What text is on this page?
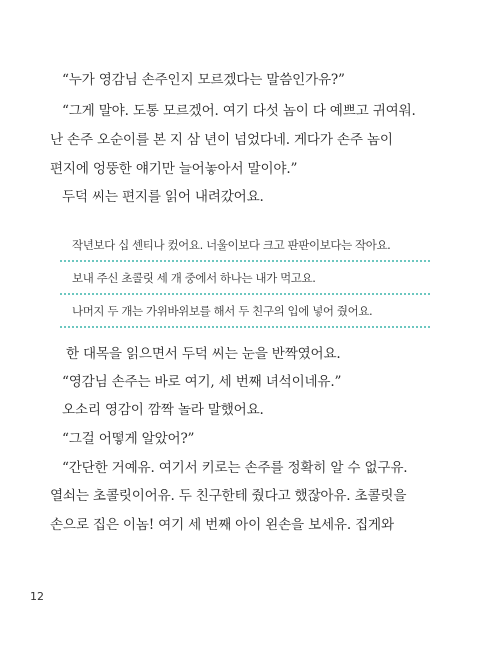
“누가 영감님 손주인지 모르겠다는 말씀인가유?”
“그게 말야. 도통 모르겠어. 여기 다섯 놈이 다 예쁘고 귀여워.
난 손주 오순이를 본 지 삼 년이 넘었다네. 게다가 손주 놈이
편지에 엉뚱한 얘기만 늘어놓아서 말이야.”
두덕 씨는 편지를 읽어 내려갔어요.
작년보다 십 센티나 컸어요. 너울이보다 크고 판판이보다는 작아요.
보내 주신 초콜릿 세 개 중에서 하나는 내가 먹고요.
나머지 두 개는 가위바위보를 해서 두 친구의 입에 넣어 줬어요.
한 대목을 읽으면서 두덕 씨는 눈을 반짝였어요.
“영감님 손주는 바로 여기, 세 번째 녀석이네유.”
오소리 영감이 깜짝 놀라 말했어요.
“그걸 어떻게 알았어?”
“간단한 거예유. 여기서 키로는 손주를 정확히 알 수 없구유.
열쇠는 초콜릿이어유. 두 친구한테 줬다고 했잖아유. 초콜릿을
손으로 집은 이놈! 여기 세 번째 아이 왼손을 보세유. 집게와
12
